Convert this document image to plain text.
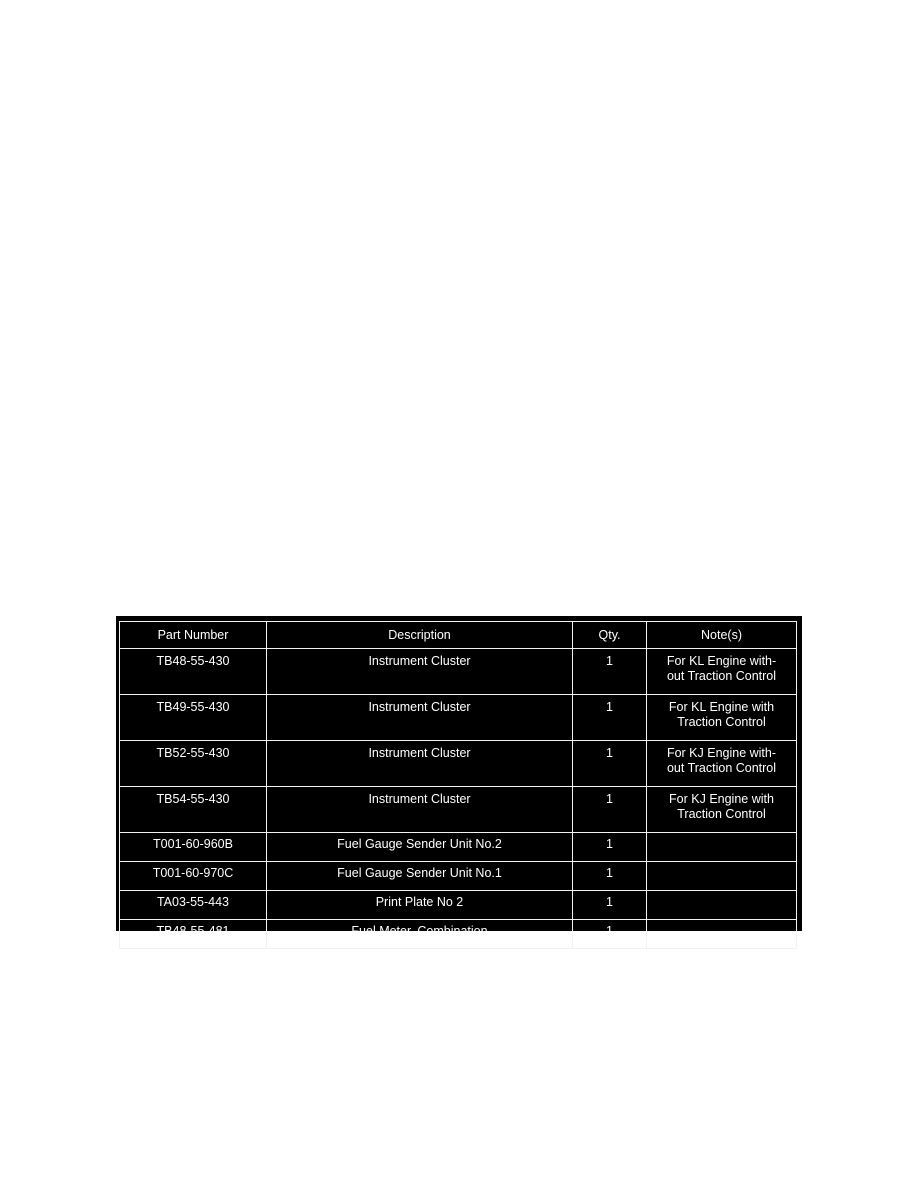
Part Number	Description	Qty.	Note(s)
TB48-55-430	Instrument Cluster	1	For KL Engine with-
out Traction Control

TB49-55-430	Instrument Cluster	1	For KL Engine with
Traction Control

TB52-55-430	Instrument Cluster	1	For KJ Engine with-
out Traction Control

TB54-55-430	Instrument Cluster	1	For KJ Engine with
Traction Control

T001-60-960B	Fuel Gauge Sender Unit No.2	1	
T001-60-970C	Fuel Gauge Sender Unit No.1	1	
TA03-55-443	Print Plate No 2	1	
TB48-55-481	Fuel Meter, Combination	1	
